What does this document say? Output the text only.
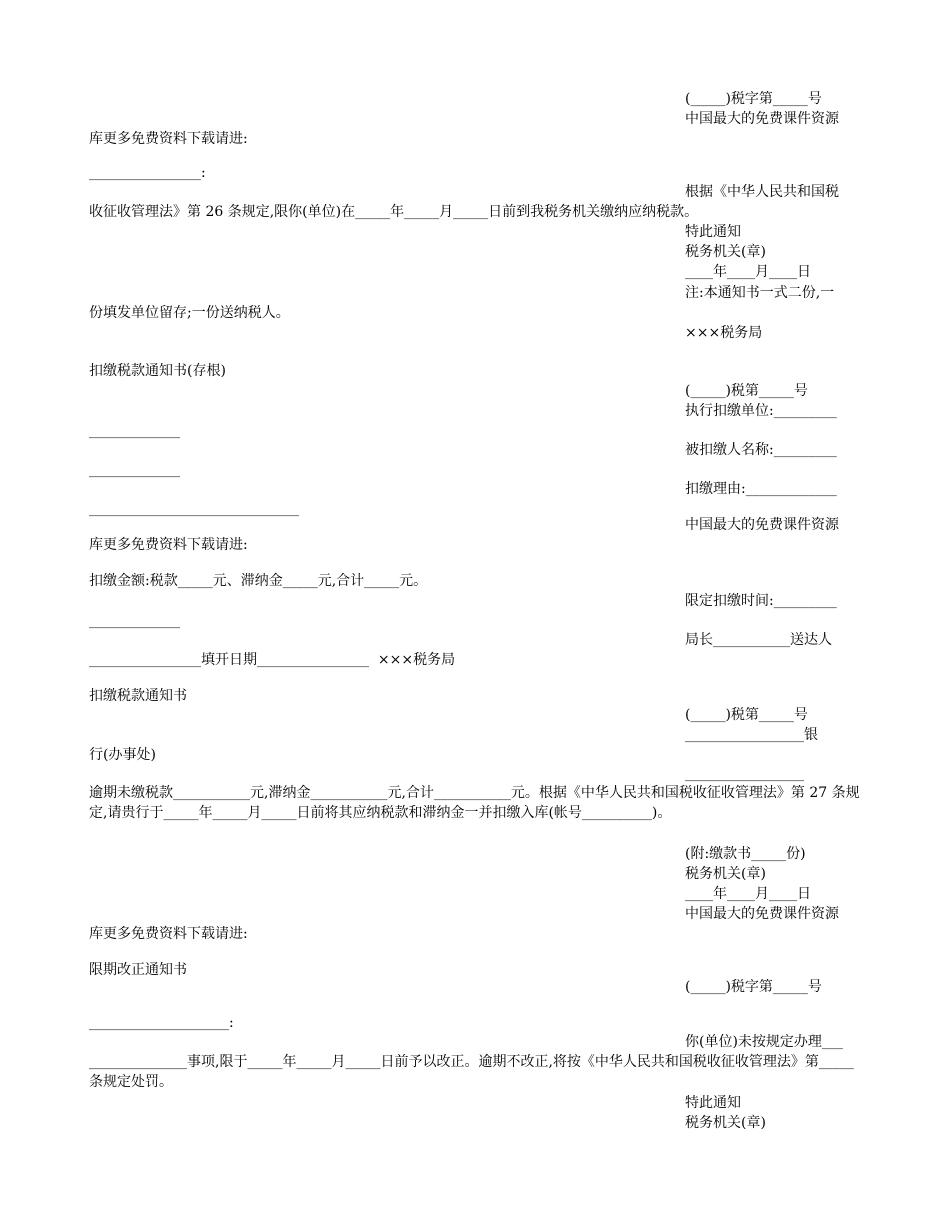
(_____)税字第_____号
中国最大的免费课件资源
库更多免费资料下载请进:
________________:
根据《中华人民共和国税
收征收管理法》第 26 条规定,限你(单位)在_____年_____月_____日前到我税务机关缴纳应纳税款。
特此通知
税务机关(章)
____年____月____日
注:本通知书一式二份,一
份填发单位留存;一份送纳税人。
×××税务局
扣缴税款通知书(存根)
(_____)税第_____号
执行扣缴单位:_________
_____________
被扣缴人名称:_________
_____________
扣缴理由:_____________
______________________________
中国最大的免费课件资源
库更多免费资料下载请进:
扣缴金额:税款_____元、滞纳金_____元,合计_____元。
限定扣缴时间:_________
_____________
局长___________送达人
________________填开日期________________  ×××税务局
扣缴税款通知书
(_____)税第_____号
_________________银
行(办事处)
_________________
逾期未缴税款___________元,滞纳金___________元,合计___________元。根据《中华人民共和国税收征收管理法》第 27 条规定,请贵行于_____年_____月_____日前将其应纳税款和滞纳金一并扣缴入库(帐号__________)。
(附:缴款书_____份)
税务机关(章)
____年____月____日
中国最大的免费课件资源
库更多免费资料下载请进:
限期改正通知书
(_____)税字第_____号
____________________:
你(单位)未按规定办理___
______________事项,限于_____年_____月_____日前予以改正。逾期不改正,将按《中华人民共和国税收征收管理法》第_____条规定处罚。
特此通知
税务机关(章)
